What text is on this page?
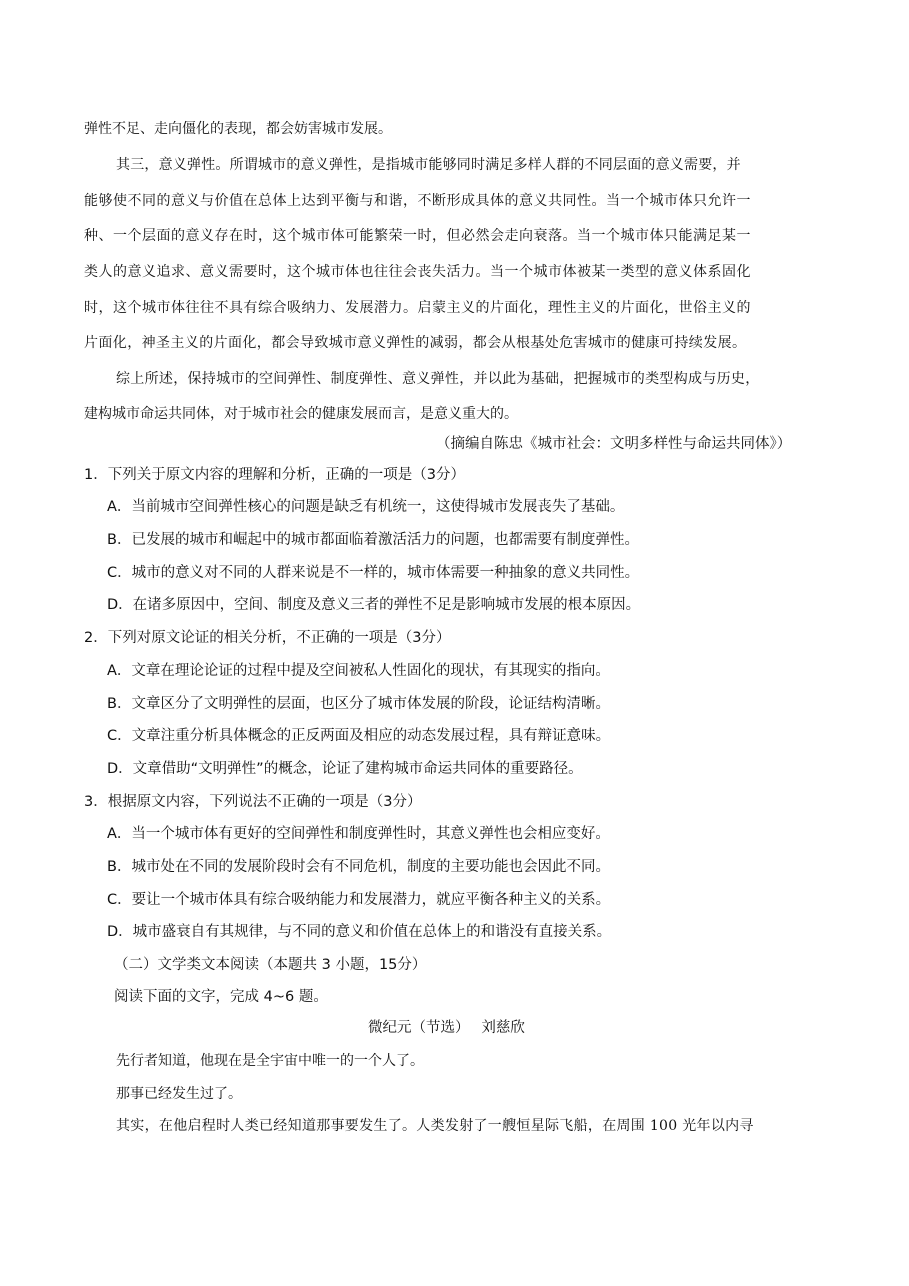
弹性不足、走向僵化的表现，都会妨害城市发展。
其三，意义弹性。所谓城市的意义弹性，是指城市能够同时满足多样人群的不同层面的意义需要，并
能够使不同的意义与价值在总体上达到平衡与和谐，不断形成具体的意义共同性。当一个城市体只允许一
种、一个层面的意义存在时，这个城市体可能繁荣一时，但必然会走向衰落。当一个城市体只能满足某一
类人的意义追求、意义需要时，这个城市体也往往会丧失活力。当一个城市体被某一类型的意义体系固化
时，这个城市体往往不具有综合吸纳力、发展潜力。启蒙主义的片面化，理性主义的片面化，世俗主义的
片面化，神圣主义的片面化，都会导致城市意义弹性的减弱，都会从根基处危害城市的健康可持续发展。
综上所述，保持城市的空间弹性、制度弹性、意义弹性，并以此为基础，把握城市的类型构成与历史，
建构城市命运共同体，对于城市社会的健康发展而言，是意义重大的。
（摘编自陈忠《城市社会：文明多样性与命运共同体》）
1．下列关于原文内容的理解和分析，正确的一项是（3分）
A．当前城市空间弹性核心的问题是缺乏有机统一，这使得城市发展丧失了基础。
B．已发展的城市和崛起中的城市都面临着激活活力的问题，也都需要有制度弹性。
C．城市的意义对不同的人群来说是不一样的，城市体需要一种抽象的意义共同性。
D．在诸多原因中，空间、制度及意义三者的弹性不足是影响城市发展的根本原因。
2．下列对原文论证的相关分析，不正确的一项是（3分）
A．文章在理论论证的过程中提及空间被私人性固化的现状，有其现实的指向。
B．文章区分了文明弹性的层面，也区分了城市体发展的阶段，论证结构清晰。
C．文章注重分析具体概念的正反两面及相应的动态发展过程，具有辩证意味。
D．文章借助“文明弹性”的概念，论证了建构城市命运共同体的重要路径。
3．根据原文内容，下列说法不正确的一项是（3分）
A．当一个城市体有更好的空间弹性和制度弹性时，其意义弹性也会相应变好。
B．城市处在不同的发展阶段时会有不同危机，制度的主要功能也会因此不同。
C．要让一个城市体具有综合吸纳能力和发展潜力，就应平衡各种主义的关系。
D．城市盛衰自有其规律，与不同的意义和价值在总体上的和谐没有直接关系。
（二）文学类文本阅读（本题共 3 小题，15分）
阅读下面的文字，完成 4~6 题。
微纪元（节选）　 刘慈欣
先行者知道，他现在是全宇宙中唯一的一个人了。
那事已经发生过了。
其实，在他启程时人类已经知道那事要发生了。人类发射了一艘恒星际飞船，在周围 100 光年以内寻
